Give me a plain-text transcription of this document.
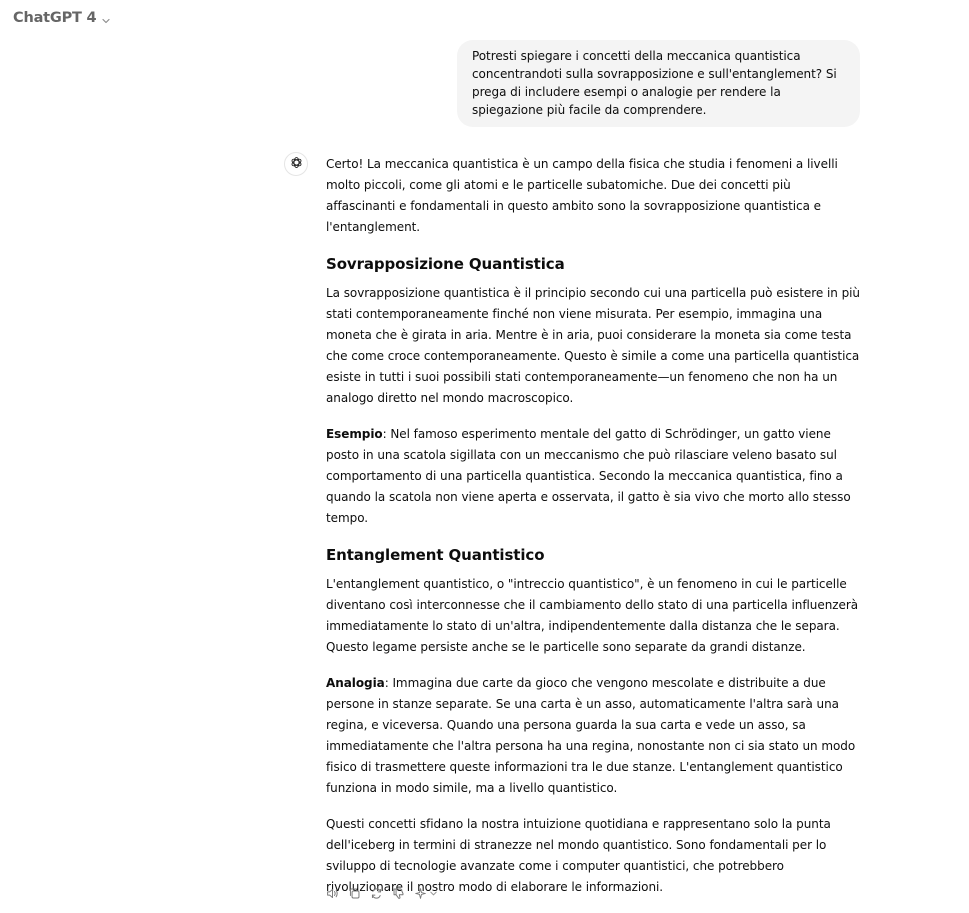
ChatGPT 4
Potresti spiegare i concetti della meccanica quantistica concentrandoti sulla sovrapposizione e sull'entanglement? Si prega di includere esempi o analogie per rendere la spiegazione più facile da comprendere.

Certo! La meccanica quantistica è un campo della fisica che studia i fenomeni a livelli molto piccoli, come gli atomi e le particelle subatomiche. Due dei concetti più affascinanti e fondamentali in questo ambito sono la sovrapposizione quantistica e l'entanglement.

Sovrapposizione Quantistica

La sovrapposizione quantistica è il principio secondo cui una particella può esistere in più stati contemporaneamente finché non viene misurata. Per esempio, immagina una moneta che è girata in aria. Mentre è in aria, puoi considerare la moneta sia come testa che come croce contemporaneamente. Questo è simile a come una particella quantistica esiste in tutti i suoi possibili stati contemporaneamente—un fenomeno che non ha un analogo diretto nel mondo macroscopico.

Esempio: Nel famoso esperimento mentale del gatto di Schrödinger, un gatto viene posto in una scatola sigillata con un meccanismo che può rilasciare veleno basato sul comportamento di una particella quantistica. Secondo la meccanica quantistica, fino a quando la scatola non viene aperta e osservata, il gatto è sia vivo che morto allo stesso tempo.

Entanglement Quantistico

L'entanglement quantistico, o "intreccio quantistico", è un fenomeno in cui le particelle diventano così interconnesse che il cambiamento dello stato di una particella influenzerà immediatamente lo stato di un'altra, indipendentemente dalla distanza che le separa. Questo legame persiste anche se le particelle sono separate da grandi distanze.

Analogia: Immagina due carte da gioco che vengono mescolate e distribuite a due persone in stanze separate. Se una carta è un asso, automaticamente l'altra sarà una regina, e viceversa. Quando una persona guarda la sua carta e vede un asso, sa immediatamente che l'altra persona ha una regina, nonostante non ci sia stato un modo fisico di trasmettere queste informazioni tra le due stanze. L'entanglement quantistico funziona in modo simile, ma a livello quantistico.

Questi concetti sfidano la nostra intuizione quotidiana e rappresentano solo la punta dell'iceberg in termini di stranezze nel mondo quantistico. Sono fondamentali per lo sviluppo di tecnologie avanzate come i computer quantistici, che potrebbero rivoluzionare il nostro modo di elaborare le informazioni.
